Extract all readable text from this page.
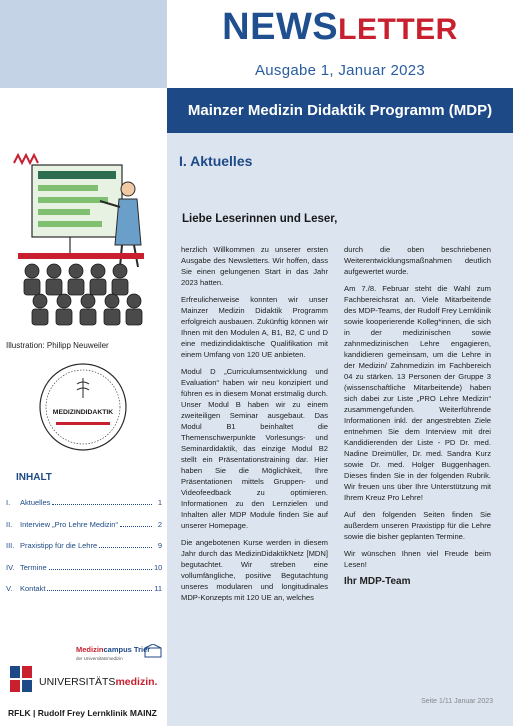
NEWSLETTER
Ausgabe 1, Januar 2023
Mainzer Medizin Didaktik Programm (MDP)
Illustration: Philipp Neuweiler
MEDIZINDIDAKTIK
INHALT
I.	Aktuelles	1
II.	Interview „Pro Lehre Medizin“	2
III. Praxistipp für die Lehre	9
IV. Termine	10
V.	Kontakt	11
Medizincampus Trier
der Universitätsmedizin
UNIVERSITÄTSmedizin.
RFLK | Rudolf Frey Lernklinik MAINZ
I. Aktuelles
Liebe Leserinnen und Leser,

herzlich Willkommen zu unserer ersten Ausgabe des Newsletters. Wir hoffen, dass Sie einen gelungenen Start in das Jahr 2023 hatten.

Erfreulicherweise konnten wir unser Mainzer Medizin Didaktik Programm erfolgreich ausbauen. Zukünftig können wir Ihnen mit den Modulen A, B1, B2, C und D eine medizindidaktische Qualifikation mit einem Umfang von 120 UE anbieten.

Modul D „Curriculumsentwicklung und Evaluation“ haben wir neu konzipiert und führen es in diesem Monat erstmalig durch. Unser Modul B haben wir zu einem zweiteiligen Seminar ausgebaut. Das Modul B1 beinhaltet die Themenschwerpunkte Vorlesungs- und Seminardidaktik, das einzige Modul B2 stellt ein Präsentationstraining dar. Hier haben Sie die Möglichkeit, Ihre Präsentationen mittels Gruppen- und Videofeedback zu optimieren. Informationen zu den Lernzielen und Inhalten aller MDP Module finden Sie auf unserer Homepage.

Die angebotenen Kurse werden in diesem Jahr durch das MedizinDidaktikNetz [MDN] begutachtet. Wir streben eine vollumfängliche, positive Begutachtung unseres modularen und longitudinales MDP-Konzepts mit 120 UE an, welches

durch die oben beschriebenen Weiterentwicklungsmaßnahmen deutlich aufgewertet wurde.

Am 7./8. Februar steht die Wahl zum Fachbereichsrat an. Viele Mitarbeitende des MDP-Teams, der Rudolf Frey Lernklinik sowie kooperierende Kolleg*innen, die sich in der medizinischen sowie zahnmedizinischen Lehre engagieren, kandidieren gemeinsam, um die Lehre in der Medizin/ Zahnmedizin im Fachbereich 04 zu stärken. 13 Personen der Gruppe 3 (wissenschaftliche Mitarbeitende) haben sich dabei zur Liste „PRO Lehre Medizin“ zusammengefunden. Weiterführende Informationen inkl. der angestrebten Ziele entnehmen Sie dem Interview mit drei Kandidierenden der Liste - PD Dr. med. Nadine Dreimüller, Dr. med. Sandra Kurz sowie Dr. med. Holger Buggenhagen. Dieses finden Sie in der folgenden Rubrik. Wir freuen uns über Ihre Unterstützung mit Ihrem Kreuz Pro Lehre!

Auf den folgenden Seiten finden Sie außerdem unseren Praxistipp für die Lehre sowie die bisher geplanten Termine.

Wir wünschen Ihnen viel Freude beim Lesen!

Ihr MDP-Team
Seite 1/11 Januar 2023
